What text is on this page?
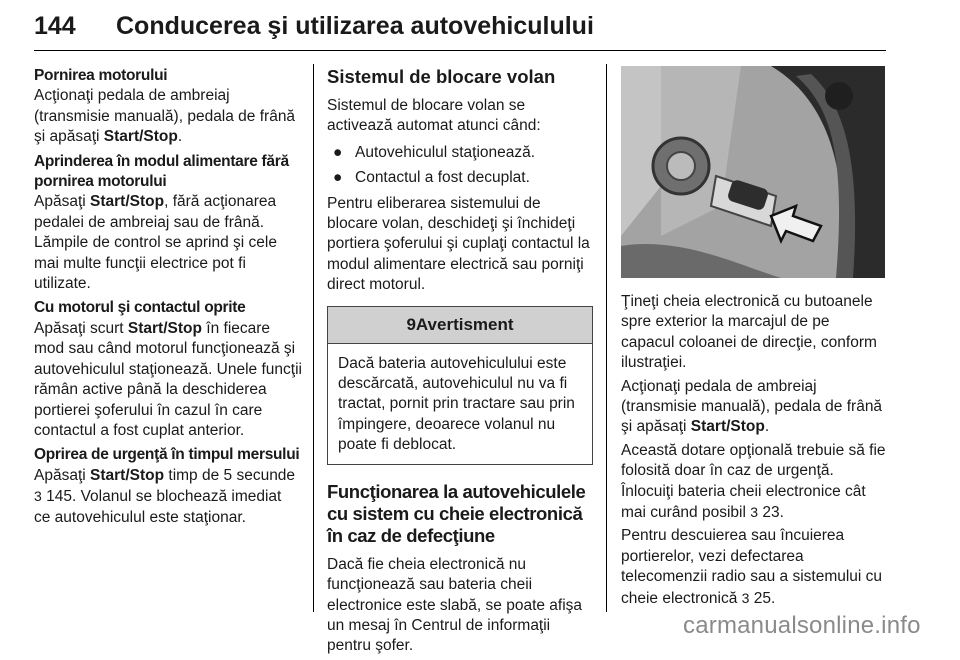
144 Conducerea şi utilizarea autovehiculului
Pornirea motorului
Acţionaţi pedala de ambreiaj (transmisie manuală), pedala de frână şi apăsaţi Start/Stop.
Aprinderea în modul alimentare fără pornirea motorului
Apăsaţi Start/Stop, fără acţionarea pedalei de ambreiaj sau de frână. Lămpile de control se aprind şi cele mai multe funcţii electrice pot fi utilizate.
Cu motorul şi contactul oprite
Apăsaţi scurt Start/Stop în fiecare mod sau când motorul funcţionează şi autovehiculul staţionează. Unele funcţii rămân active până la deschiderea portierei şoferului în cazul în care contactul a fost cuplat anterior.
Oprirea de urgenţă în timpul mersului
Apăsaţi Start/Stop timp de 5 secunde 3 145. Volanul se blochează imediat ce autovehiculul este staţionar.
Sistemul de blocare volan
Sistemul de blocare volan se activează automat atunci când:
● Autovehiculul staţionează.
● Contactul a fost decuplat.
Pentru eliberarea sistemului de blocare volan, deschideţi şi închideţi portiera şoferului şi cuplaţi contactul la modul alimentare electrică sau porniţi direct motorul.
9Avertisment
Dacă bateria autovehiculului este descărcată, autovehiculul nu va fi tractat, pornit prin tractare sau prin împingere, deoarece volanul nu poate fi deblocat.
Funcţionarea la autovehiculele cu sistem cu cheie electronică în caz de defecţiune
Dacă fie cheia electronică nu funcţionează sau bateria cheii electronice este slabă, se poate afişa un mesaj în Centrul de informaţii pentru şofer.
Ţineţi cheia electronică cu butoanele spre exterior la marcajul de pe capacul coloanei de direcţie, conform ilustraţiei.
Acţionaţi pedala de ambreiaj (transmisie manuală), pedala de frână şi apăsaţi Start/Stop.
Această dotare opţională trebuie să fie folosită doar în caz de urgenţă. Înlocuiţi bateria cheii electronice cât mai curând posibil 3 23.
Pentru descuierea sau încuierea portierelor, vezi defectarea telecomenzii radio sau a sistemului cu cheie electronică 3 25.
carmanualsonline.info
